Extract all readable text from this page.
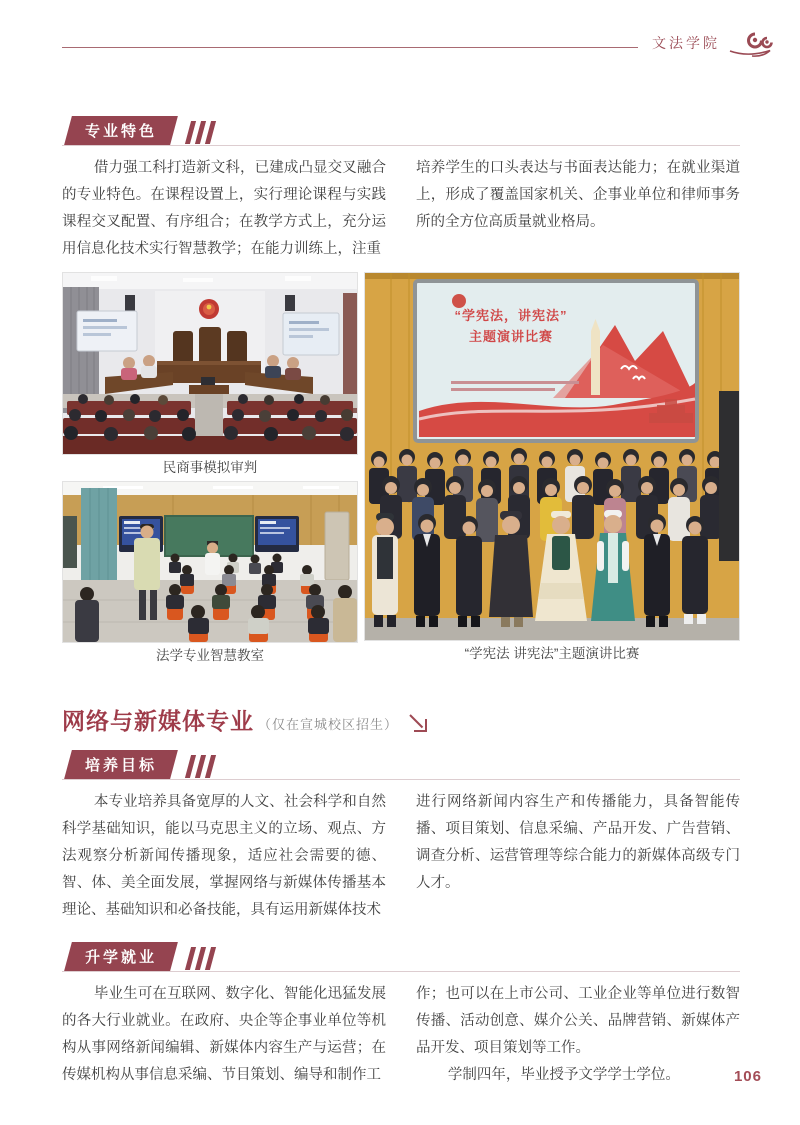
文法学院
专业特色

借力强工科打造新文科，已建成凸显交叉融合的专业特色。在课程设置上，实行理论课程与实践课程交叉配置、有序组合；在教学方式上，充分运用信息化技术实行智慧教学；在能力训练上，注重

培养学生的口头表达与书面表达能力；在就业渠道上，形成了覆盖国家机关、企事业单位和律师事务所的全方位高质量就业格局。

民商事模拟审判
法学专业智慧教室
“学宪法，讲宪法”
主题演讲比赛
“学宪法 讲宪法”主题演讲比赛
网络与新媒体专业 （仅在宣城校区招生）
培养目标

本专业培养具备宽厚的人文、社会科学和自然科学基础知识，能以马克思主义的立场、观点、方法观察分析新闻传播现象，适应社会需要的德、智、体、美全面发展，掌握网络与新媒体传播基本理论、基础知识和必备技能，具有运用新媒体技术

进行网络新闻内容生产和传播能力，具备智能传播、项目策划、信息采编、产品开发、广告营销、调查分析、运营管理等综合能力的新媒体高级专门人才。

升学就业

毕业生可在互联网、数字化、智能化迅猛发展的各大行业就业。在政府、央企等企事业单位等机构从事网络新闻编辑、新媒体内容生产与运营；在传媒机构从事信息采编、节目策划、编导和制作工

作；也可以在上市公司、工业企业等单位进行数智传播、活动创意、媒介公关、品牌营销、新媒体产品开发、项目策划等工作。

学制四年，毕业授予文学学士学位。	106
